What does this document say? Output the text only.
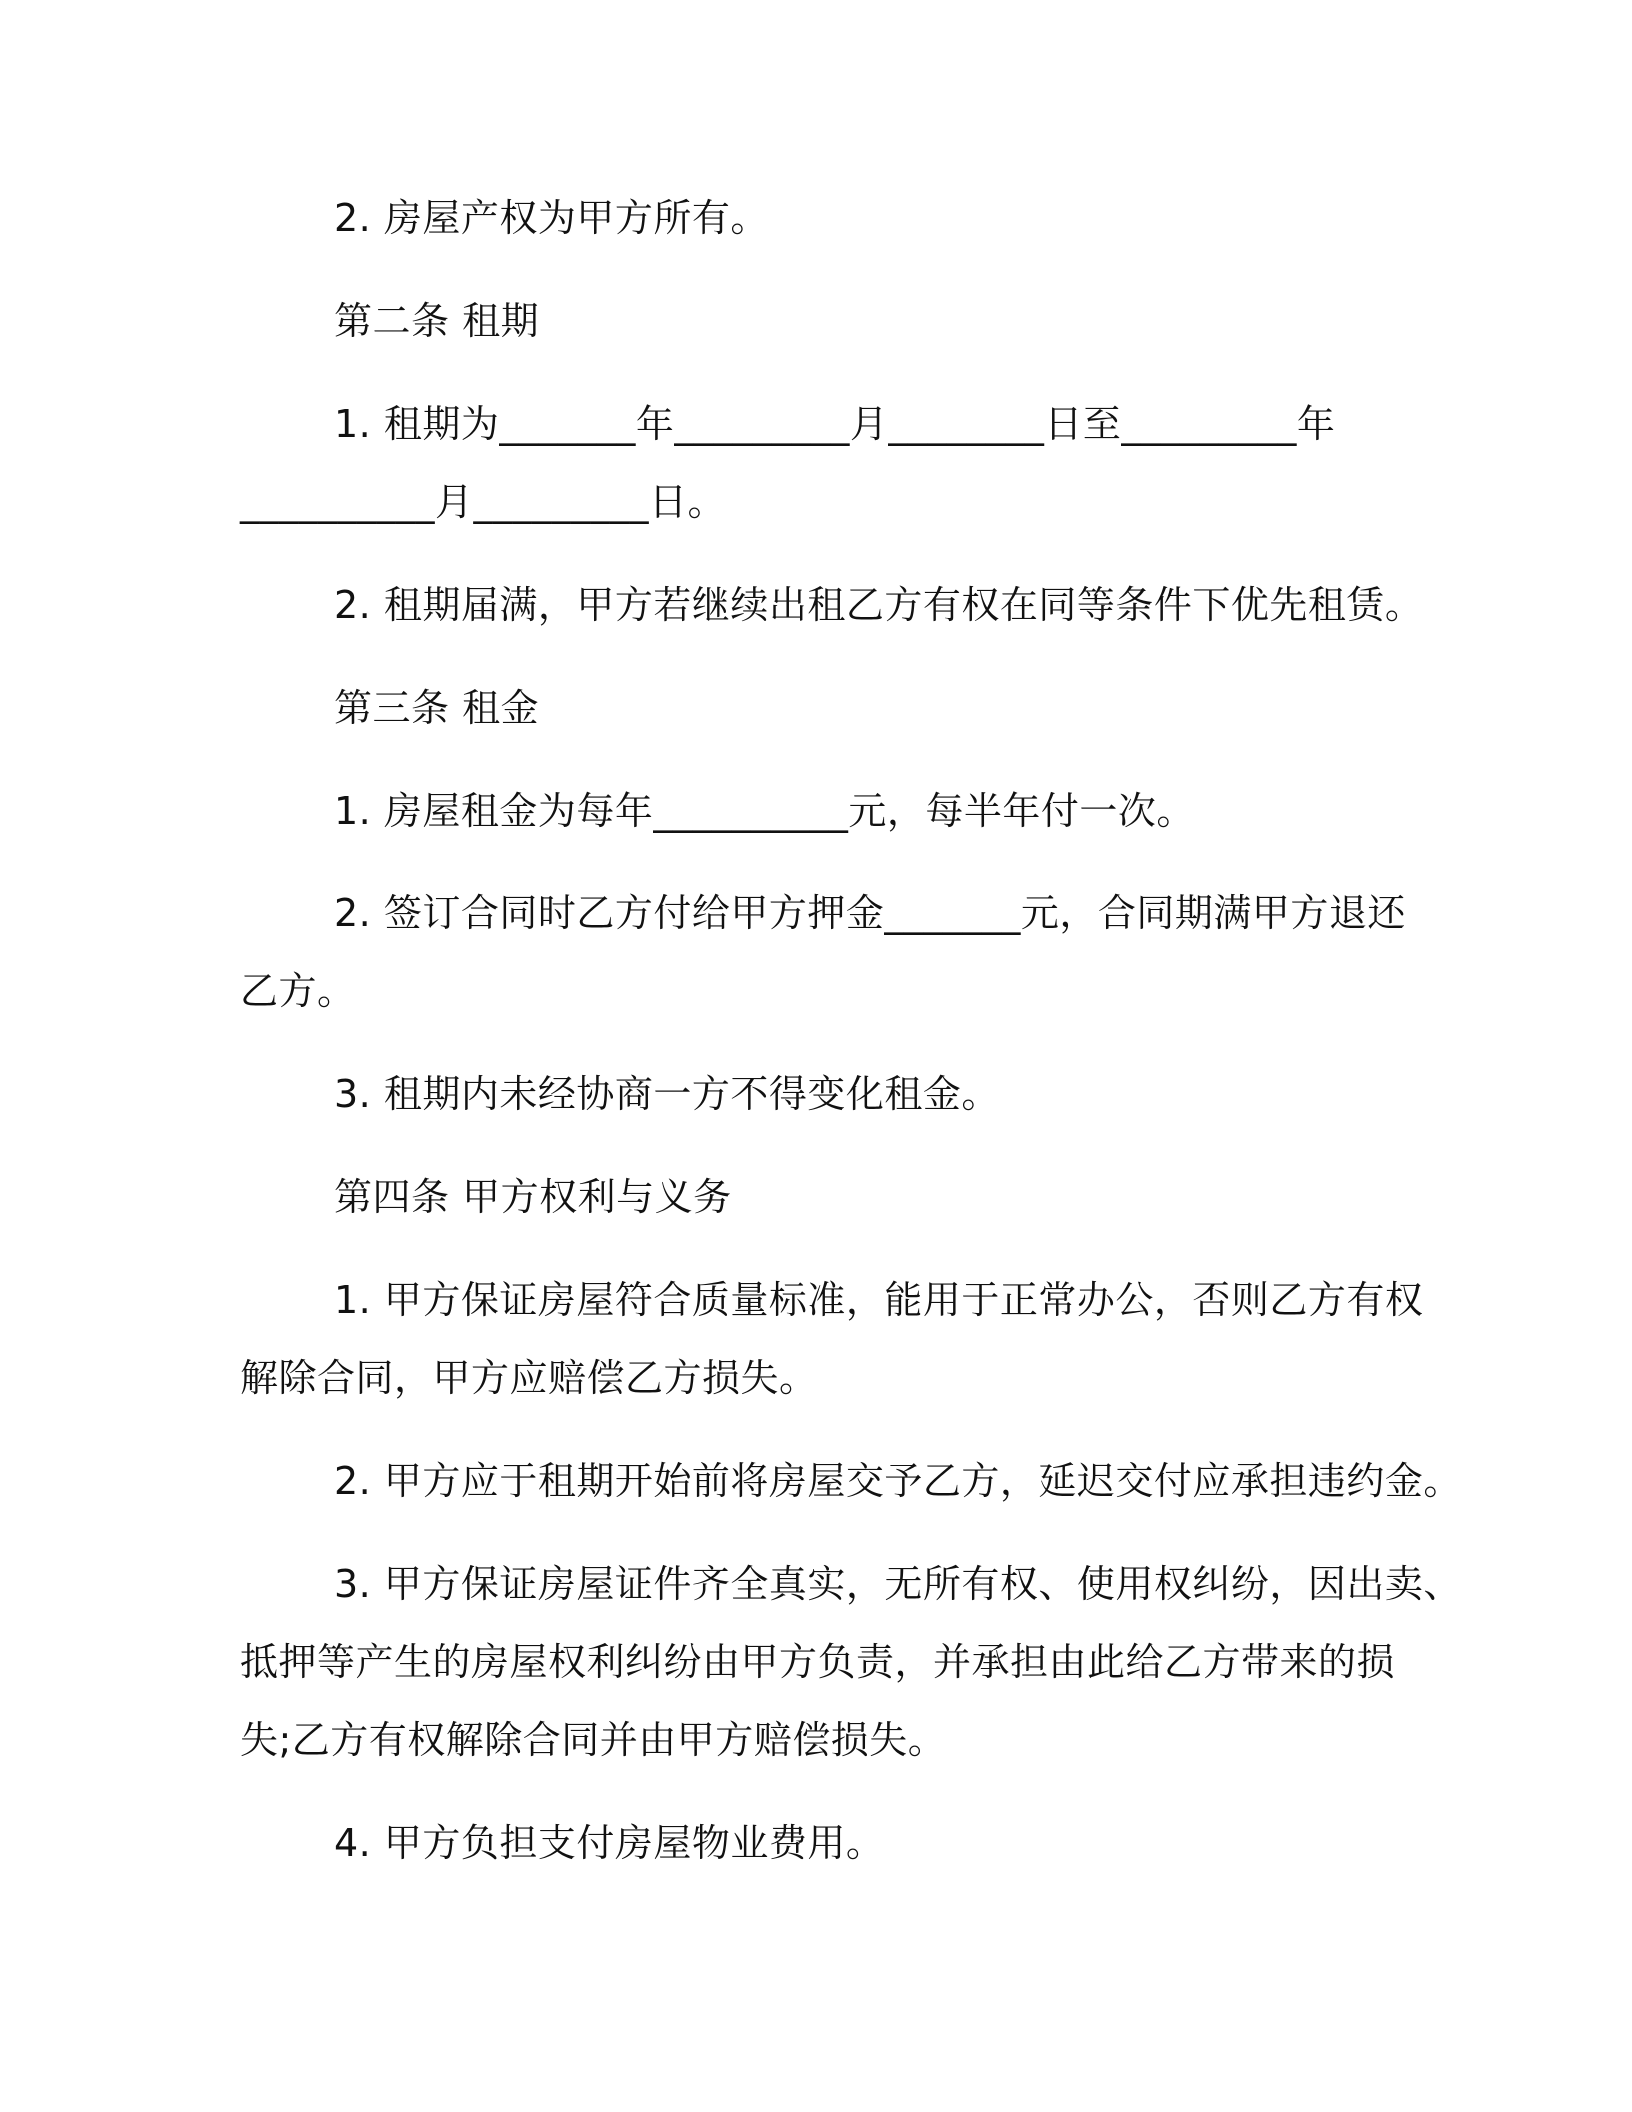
2. 房屋产权为甲方所有。
第二条 租期
1. 租期为_______年_________月________日至_________年
__________月_________日。
2. 租期届满，甲方若继续出租乙方有权在同等条件下优先租赁。
第三条 租金
1. 房屋租金为每年__________元，每半年付一次。
2. 签订合同时乙方付给甲方押金_______元，合同期满甲方退还
乙方。
3. 租期内未经协商一方不得变化租金。
第四条 甲方权利与义务
1. 甲方保证房屋符合质量标准，能用于正常办公，否则乙方有权
解除合同，甲方应赔偿乙方损失。
2. 甲方应于租期开始前将房屋交予乙方，延迟交付应承担违约金。
3. 甲方保证房屋证件齐全真实，无所有权、使用权纠纷，因出卖、
抵押等产生的房屋权利纠纷由甲方负责，并承担由此给乙方带来的损
失;乙方有权解除合同并由甲方赔偿损失。
4. 甲方负担支付房屋物业费用。
